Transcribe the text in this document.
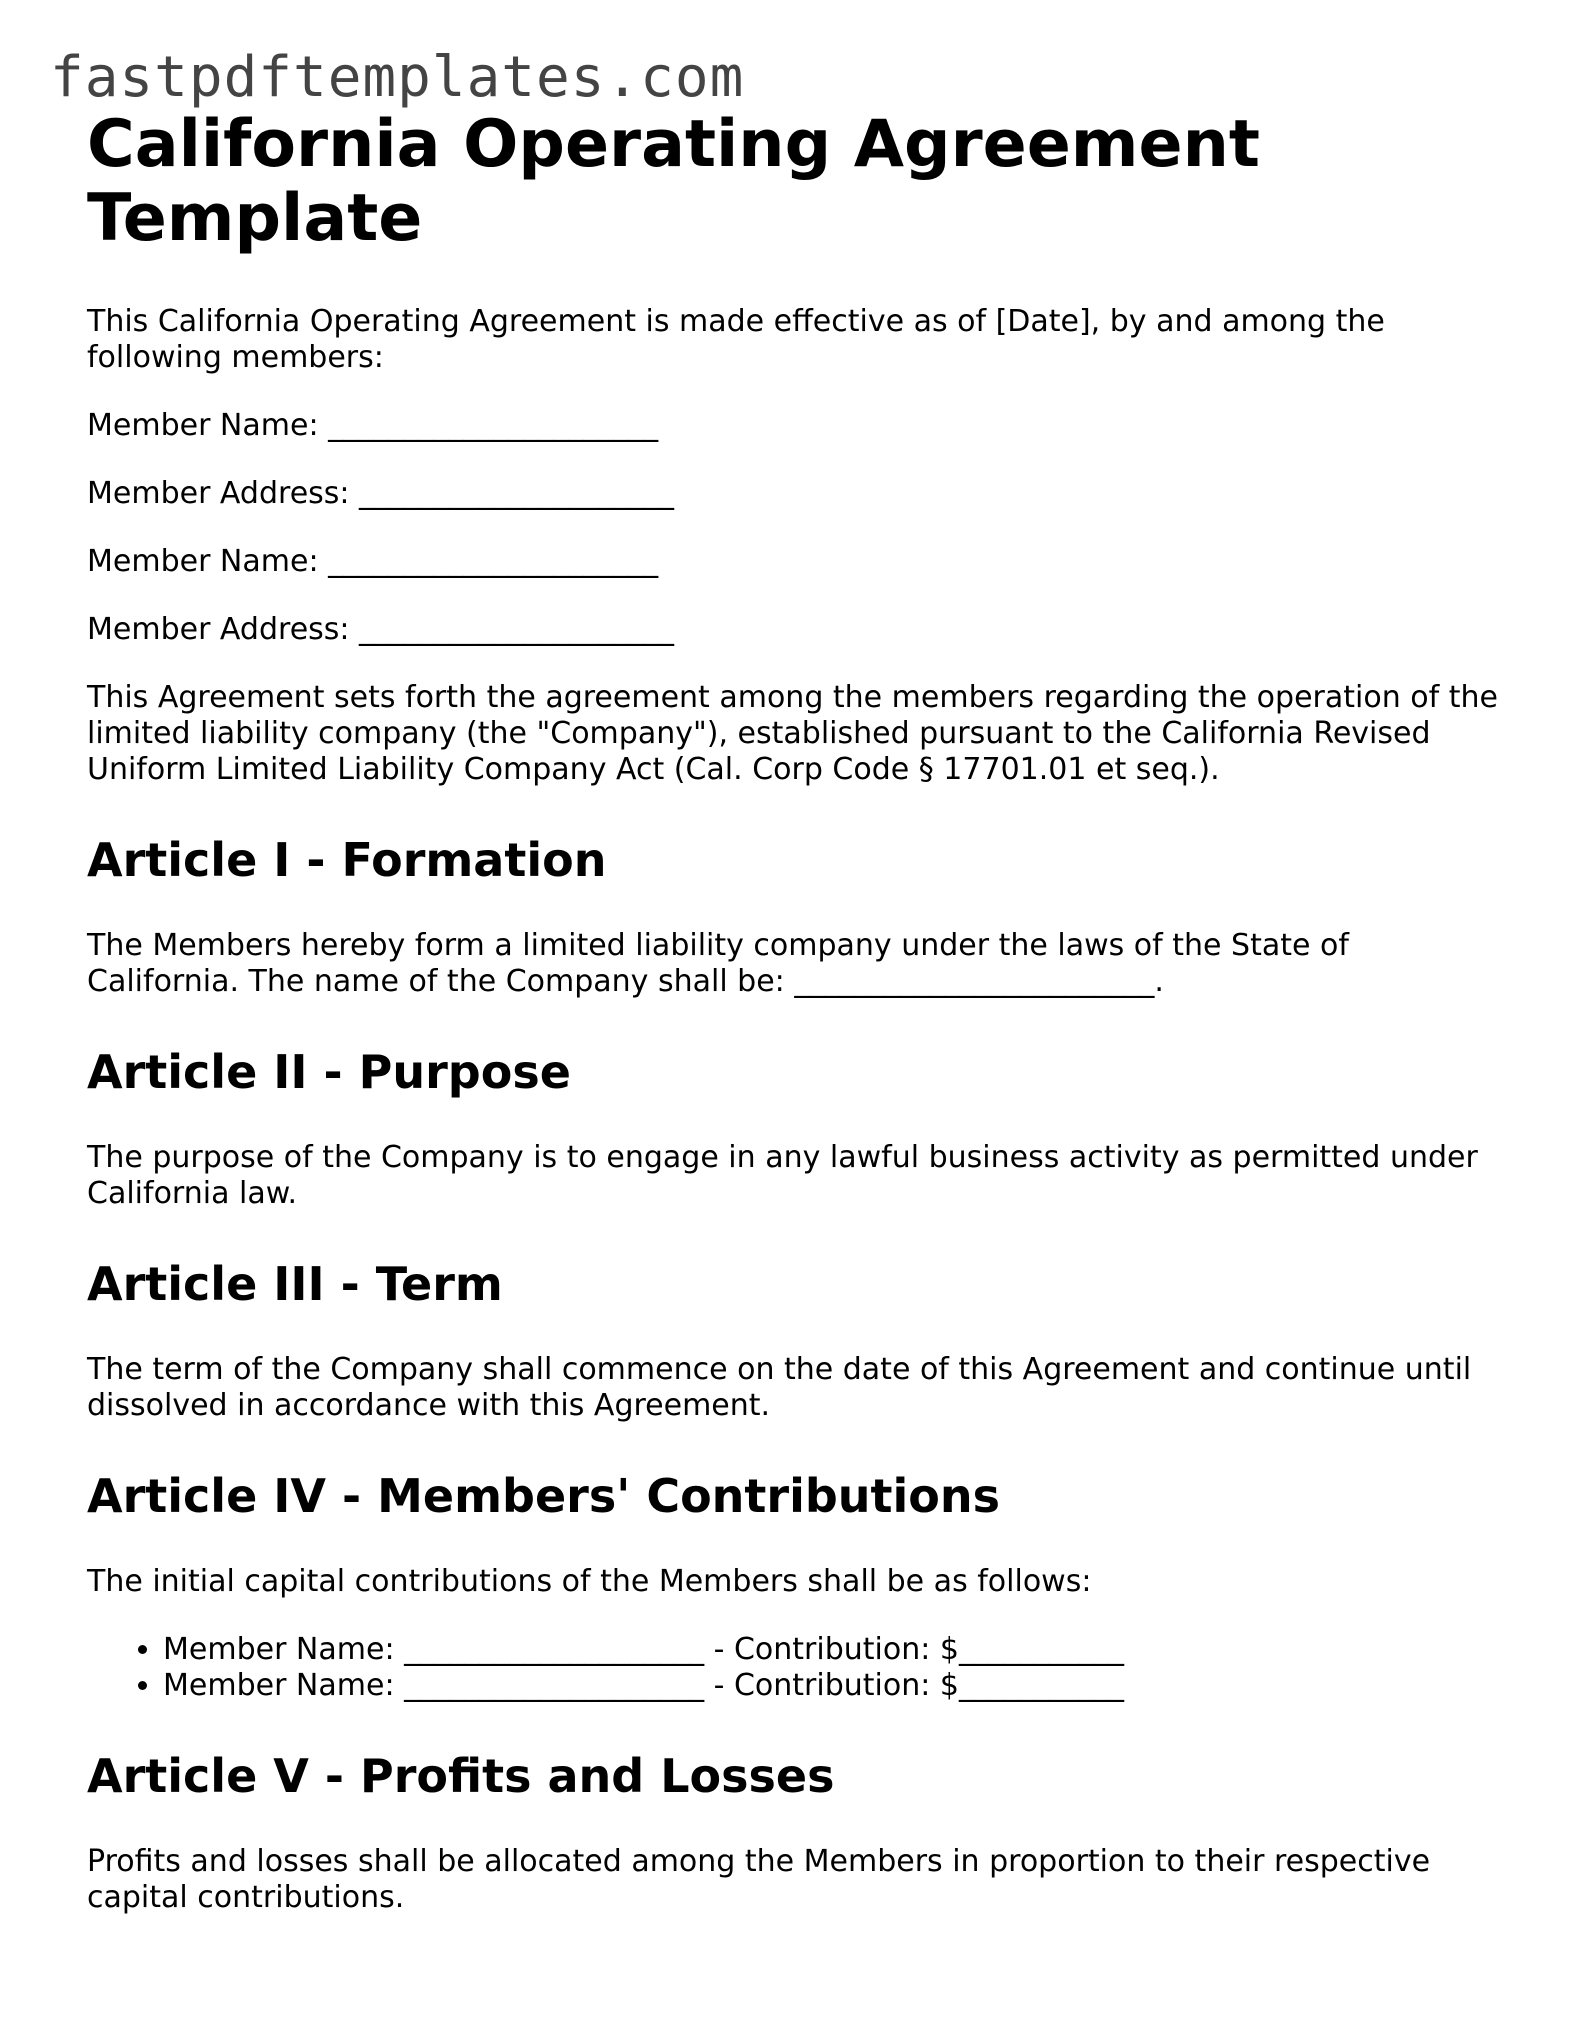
fastpdftemplates.com
California Operating Agreement Template

This California Operating Agreement is made effective as of [Date], by and among the following members:

Member Name: ______________________

Member Address: _____________________

Member Name: ______________________

Member Address: _____________________

This Agreement sets forth the agreement among the members regarding the operation of the limited liability company (the "Company"), established pursuant to the California Revised Uniform Limited Liability Company Act (Cal. Corp Code § 17701.01 et seq.).

Article I - Formation

The Members hereby form a limited liability company under the laws of the State of California. The name of the Company shall be: ________________________.

Article II - Purpose

The purpose of the Company is to engage in any lawful business activity as permitted under California law.

Article III - Term

The term of the Company shall commence on the date of this Agreement and continue until dissolved in accordance with this Agreement.

Article IV - Members' Contributions

The initial capital contributions of the Members shall be as follows:

• Member Name: ____________________ - Contribution: $___________
• Member Name: ____________________ - Contribution: $___________
Article V - Profits and Losses

Profits and losses shall be allocated among the Members in proportion to their respective capital contributions.
